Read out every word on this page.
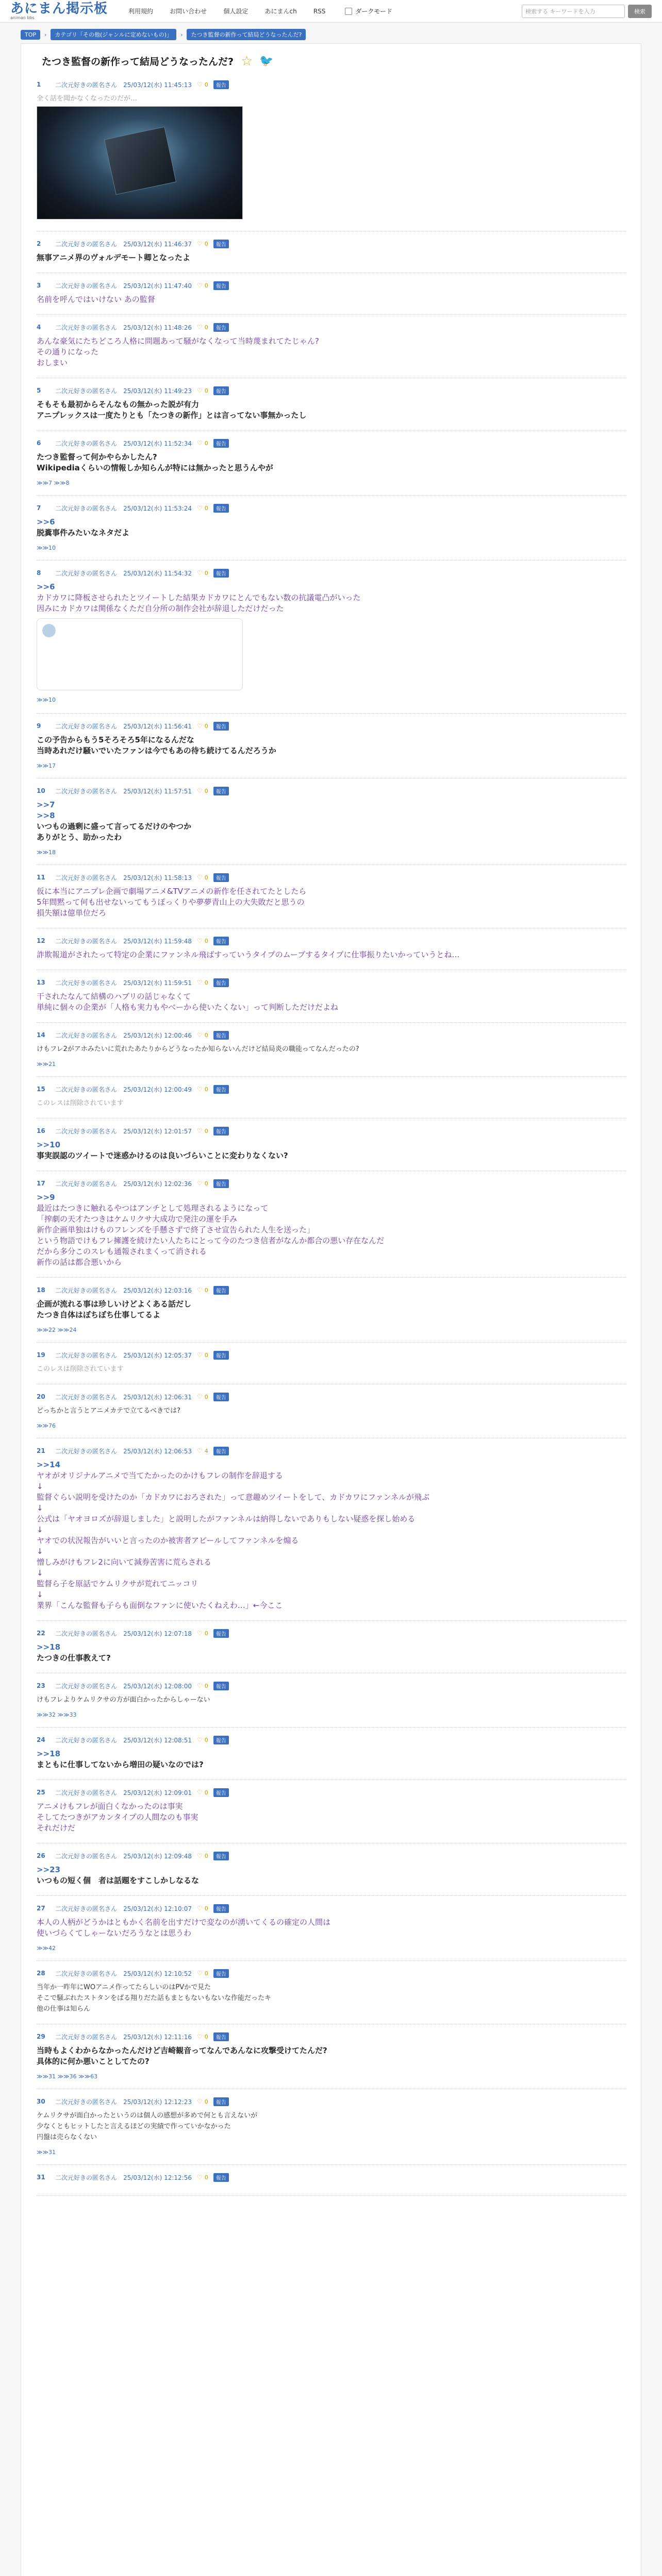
あにまん掲示板
animan bbs
利用規約	お問い合わせ	個人設定	あにまんch	RSS	ダークモード	検索する キーワードを入力	検索
TOP	›	カテゴリ「その他(ジャンルに定めないもの)」	›	たつき監督の新作って結局どうなったんだ?
たつき監督の新作って結局どうなったんだ? ☆ 🐦
1	二次元好きの匿名さん 25/03/12(水) 11:45:13 ♡ 0	報告
全く話を聞かなくなったのだが…
2	二次元好きの匿名さん 25/03/12(水) 11:46:37 ♡ 0	報告
無事アニメ界のヴォルデモート卿となったよ
3	二次元好きの匿名さん 25/03/12(水) 11:47:40 ♡ 0	報告
名前を呼んではいけない あの監督
4	二次元好きの匿名さん 25/03/12(水) 11:48:26 ♡ 0	報告
あんな豪気にたちどころ人格に問題あって騒がなくなって当時蔑まれてたじゃん?
その通りになった
おしまい
5	二次元好きの匿名さん 25/03/12(水) 11:49:23 ♡ 0	報告
そもそも最初からそんなもの無かった説が有力
アニプレックスは一度たりとも「たつきの新作」とは言ってない事無かったし
6	二次元好きの匿名さん 25/03/12(水) 11:52:34 ♡ 0	報告
たつき監督って何かやらかしたん?
Wikipediaくらいの情報しか知らんが特には無かったと思うんやが
≫≫7 ≫≫8
7	二次元好きの匿名さん 25/03/12(水) 11:53:24 ♡ 0	報告
>>6
脱糞事件みたいなネタだよ
≫≫10
8	二次元好きの匿名さん 25/03/12(水) 11:54:32 ♡ 0	報告
>>6
カドカワに降板させられたとツイートした結果カドカワにとんでもない数の抗議電凸がいった
因みにカドカワは関係なくただ自分所の制作会社が辞退しただけだった
≫≫10
9	二次元好きの匿名さん 25/03/12(水) 11:56:41 ♡ 0	報告
この予告からもう5そろそろ5年になるんだな
当時あれだけ騒いでいたファンは今でもあの待ち続けてるんだろうか
≫≫17
10	二次元好きの匿名さん 25/03/12(水) 11:57:51 ♡ 0	報告
>>7
>>8
いつもの過剰に盛って言ってるだけのやつか
ありがとう、助かったわ
≫≫18
11	二次元好きの匿名さん 25/03/12(水) 11:58:13 ♡ 0	報告
仮に本当にアニプレ企画で劇場アニメ&TVアニメの新作を任されてたとしたら
5年間黙って何も出せないってもうぽっくりや夢夢青山上の大失敗だと思うの
損失額は億単位だろ
12	二次元好きの匿名さん 25/03/12(水) 11:59:48 ♡ 0	報告
詐欺報道がされたって特定の企業にファンネル飛ばすっていうタイプのムーブするタイプに仕事振りたいかっていうとね…
13	二次元好きの匿名さん 25/03/12(水) 11:59:51 ♡ 0	報告
干されたなんて結構のハブリの話じゃなくて
単純に個々の企業が「人格も実力もやべーから使いたくない」って判断しただけだよね
14	二次元好きの匿名さん 25/03/12(水) 12:00:46 ♡ 0	報告
けもフレ2がアホみたいに荒れたあたりからどうなったか知らないんだけど結局炎の職能ってなんだったの?
≫≫21
15	二次元好きの匿名さん 25/03/12(水) 12:00:49 ♡ 0	報告
このレスは削除されています
16	二次元好きの匿名さん 25/03/12(水) 12:01:57 ♡ 0	報告
>>10
事実誤認のツイートで迷惑かけるのは良いづらいことに変わりなくない?
17	二次元好きの匿名さん 25/03/12(水) 12:02:36 ♡ 0	報告
>>9
最近はたつきに触れるやつはアンチとして処理されるようになって
「搾劇の天才たつきはケムリクサ大成功で発注の運を手み
新作企画単独はけものフレンズを手懸さずで終了させ宣告られた人生を送った」
という物語でけもフレ擁護を続けたい人たちにとって今のたつき信者がなんか都合の悪い存在なんだ
だから多分このスレも通報されまくって消される
新作の話は都合悪いから
18	二次元好きの匿名さん 25/03/12(水) 12:03:16 ♡ 0	報告
企画が流れる事は珍しいけどよくある話だし
たつき自体はぼちぼち仕事してるよ
≫≫22 ≫≫24
19	二次元好きの匿名さん 25/03/12(水) 12:05:37 ♡ 0	報告
このレスは削除されています
20	二次元好きの匿名さん 25/03/12(水) 12:06:31 ♡ 0	報告
どっちかと言うとアニメカテで立てるべきでは?
≫≫76
21	二次元好きの匿名さん 25/03/12(水) 12:06:53 ♡ 4	報告
>>14
ヤオがオリジナルアニメで当てたかったのかけもフレの制作を辞退する
↓
監督ぐらい説明を受けたのか「カドカワにおろされた」って意趣めツイートをして、カドカワにファンネルが飛ぶ
↓
公式は「ヤオヨロズが辞退しました」と説明したがファンネルは納得しないでありもしない疑惑を探し始める
↓
ヤオでの状況報告がいいと言ったのか被害者アピールしてファンネルを煽る
↓
憎しみがけもフレ2に向いて減券苦害に荒らされる
↓
監督ら子を原話でケムリクサが荒れてニッコリ
↓
業界「こんな監督も子らも面倒なファンに使いたくねえわ…」←今ここ
22	二次元好きの匿名さん 25/03/12(水) 12:07:18 ♡ 0	報告
>>18
たつきの仕事教えて?
23	二次元好きの匿名さん 25/03/12(水) 12:08:00 ♡ 0	報告
けもフレよりケムリクサの方が面白かったからしゃーない
≫≫32 ≫≫33
24	二次元好きの匿名さん 25/03/12(水) 12:08:51 ♡ 0	報告
>>18
まともに仕事してないから増田の疑いなのでは?
25	二次元好きの匿名さん 25/03/12(水) 12:09:01 ♡ 0	報告
アニメけもフレが面白くなかったのは事実
そしてたつきがアカンタイプの人間なのも事実
それだけだ
26	二次元好きの匿名さん 25/03/12(水) 12:09:48 ♡ 0	報告
>>23
いつもの短く個　者は話題をすこしかしなるな
27	二次元好きの匿名さん 25/03/12(水) 12:10:07 ♡ 0	報告
本人の人柄がどうかはともかく名前を出すだけで変なのが湧いてくるの確定の人間は
使いづらくてしゃーないだろうなとは思うわ
≫≫42
28	二次元好きの匿名さん 25/03/12(水) 12:10:52 ♡ 0	報告
当年か一昨年にWOアニメ作ってたらしいのはPVかで見た
そこで騒ぶれたストタンをばる翔りだた話もまともないもないな作能だったキ
他の仕事は知らん
29	二次元好きの匿名さん 25/03/12(水) 12:11:16 ♡ 0	報告
当時もよくわからなかったんだけど吉崎観音ってなんであんなに攻撃受けてたんだ?
具体的に何か悪いことしてたの?
≫≫31 ≫≫36 ≫≫63
30	二次元好きの匿名さん 25/03/12(水) 12:12:23 ♡ 0	報告
ケムリクサが面白かったというのは個人の感想が多めで何とも言えないが
少なくともヒットしたと言えるほどの実績で作っていかなかった
円盤は売らなくない
≫≫31
31	二次元好きの匿名さん 25/03/12(水) 12:12:56 ♡ 0	報告
